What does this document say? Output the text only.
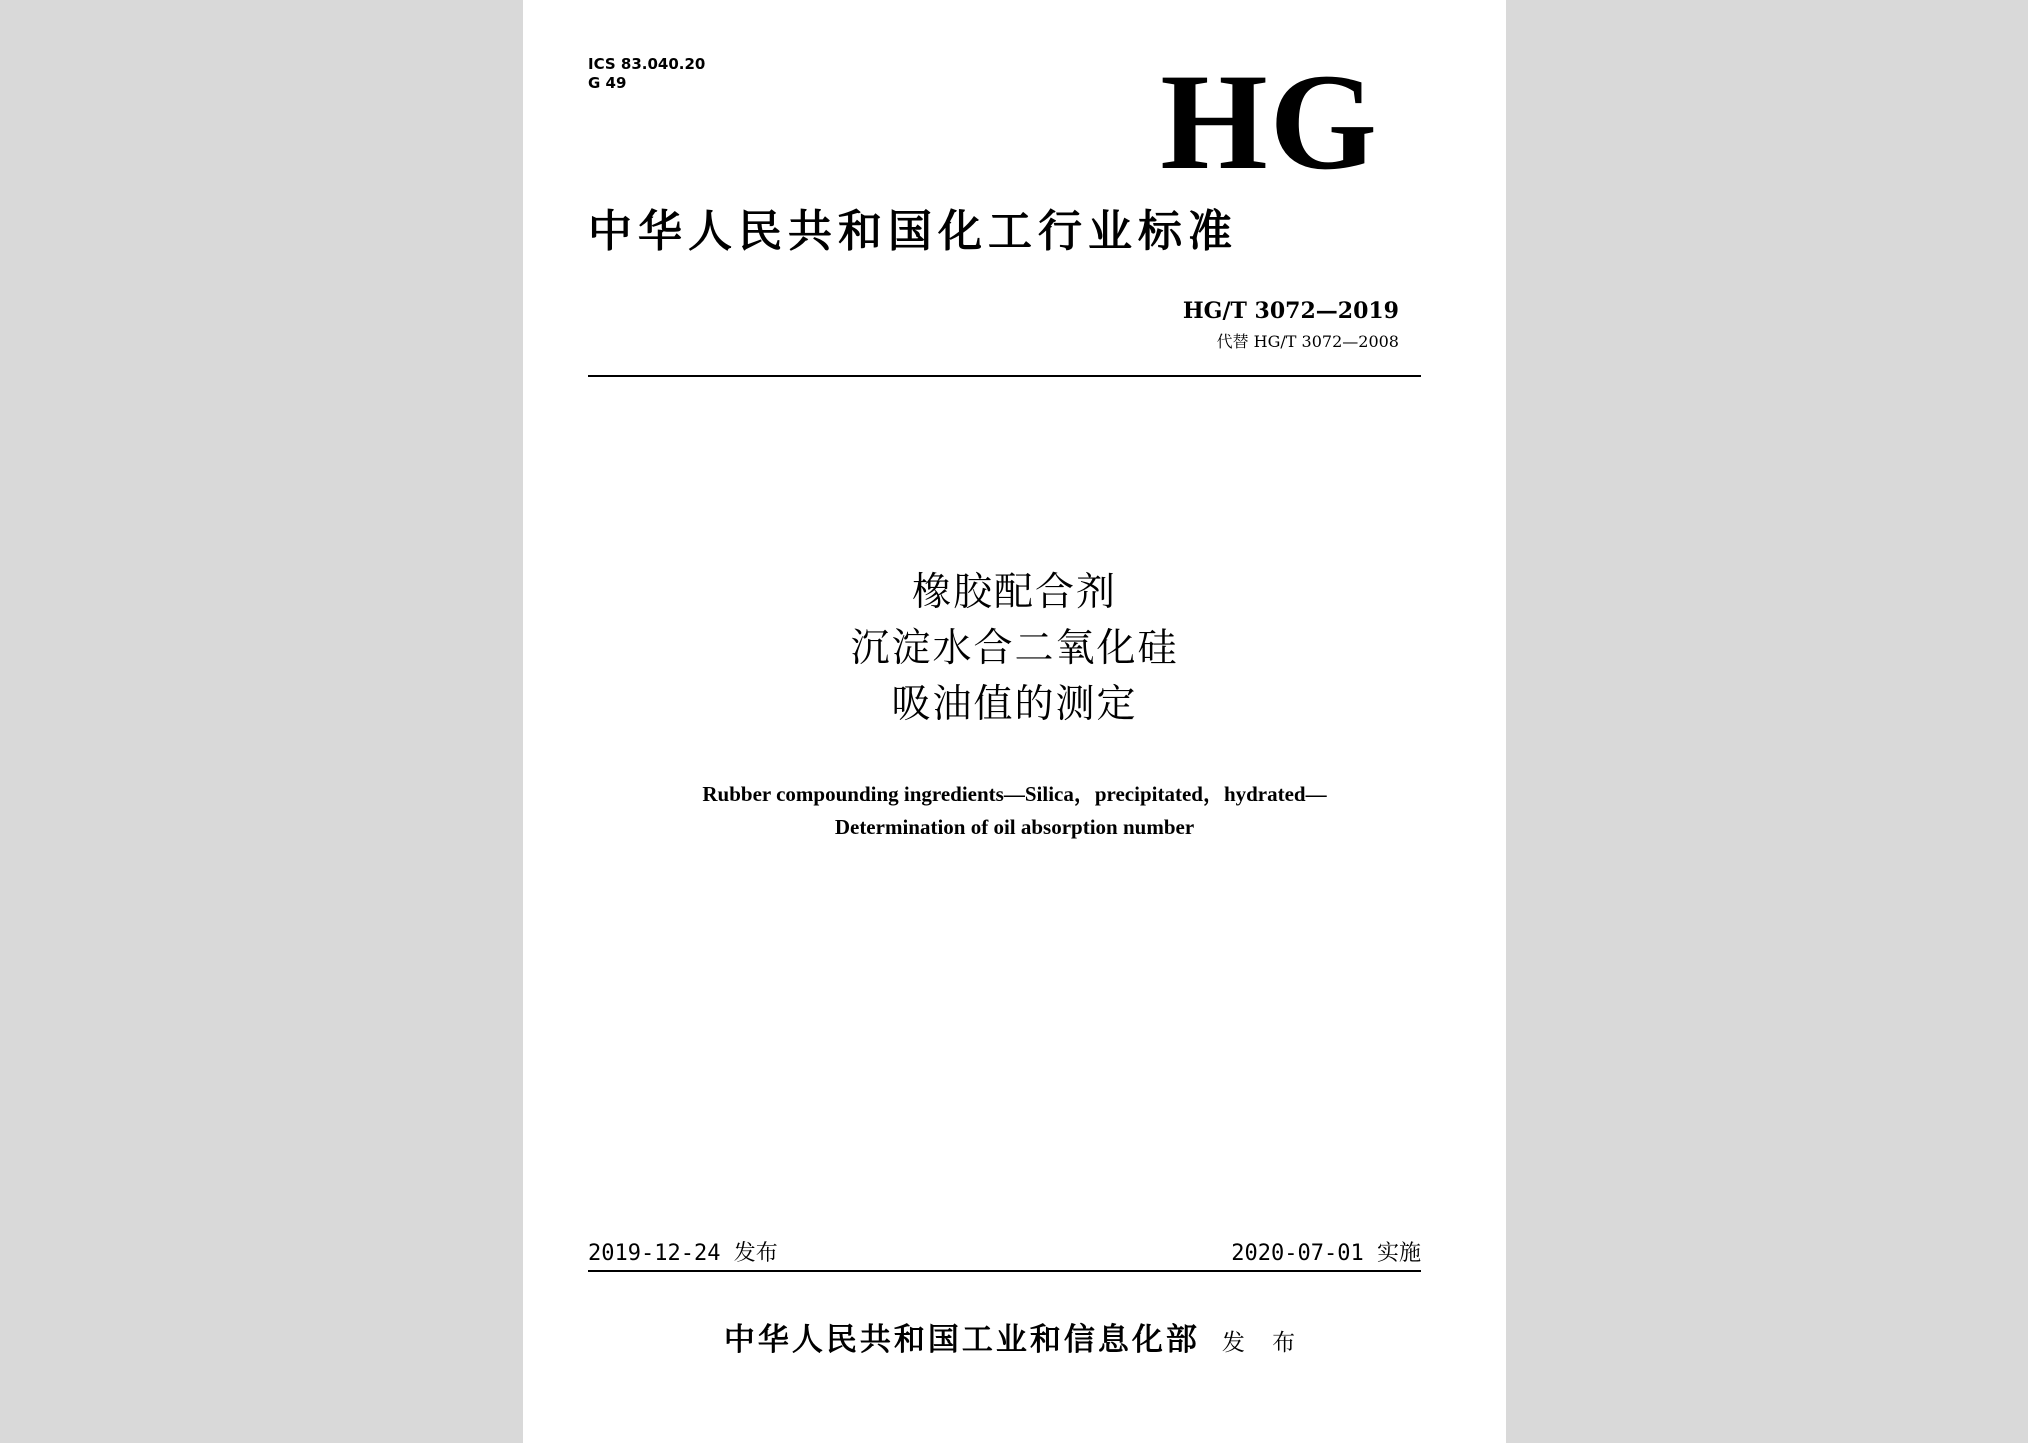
ICS 83.040.20
G 49	HG
中华人民共和国化工行业标准
HG/T 3072—2019
代替 HG/T 3072—2008
橡胶配合剂
沉淀水合二氧化硅
吸油值的测定
Rubber compounding ingredients—Silica，precipitated，hydrated—
Determination of oil absorption number
2019-12-24 发布	2020-07-01 实施
中华人民共和国工业和信息化部 发 布
